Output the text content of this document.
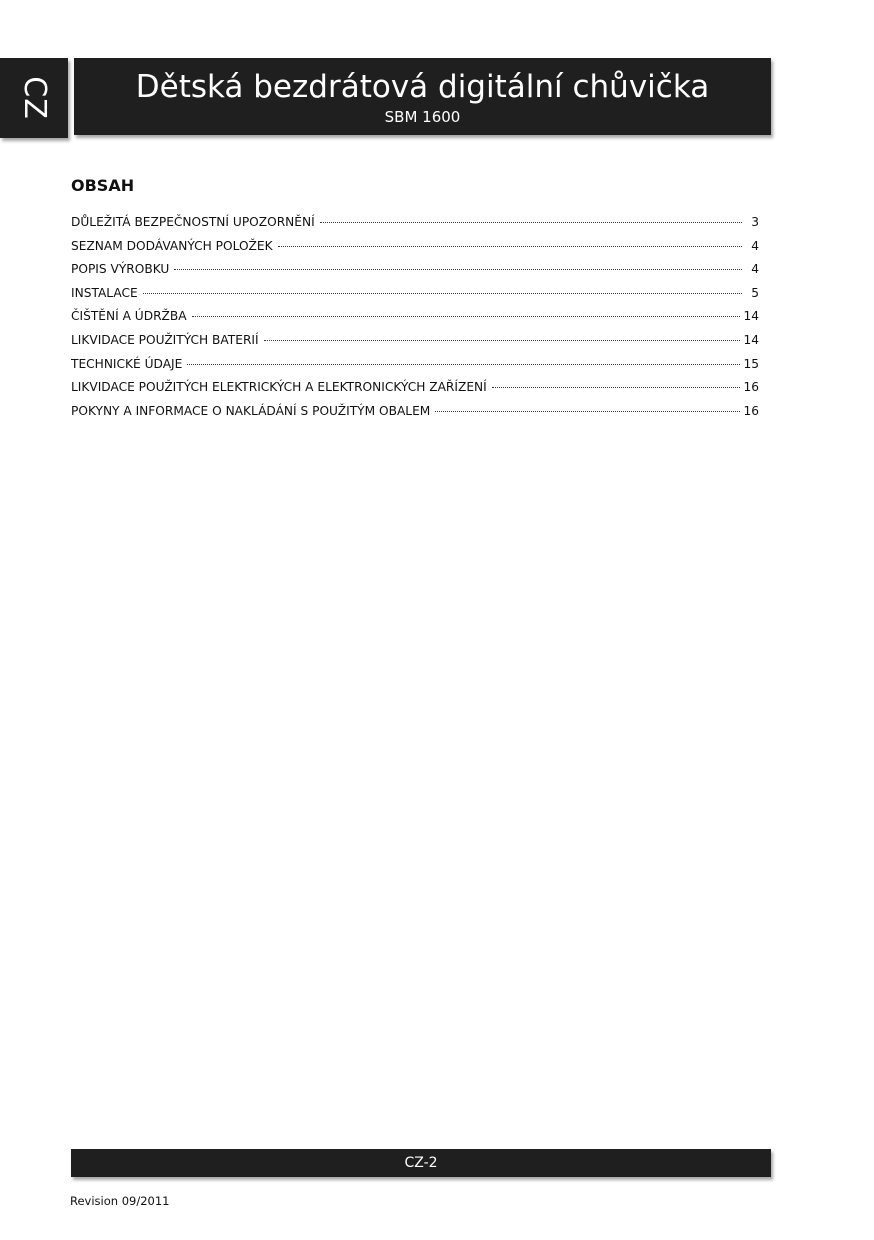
CZ	Dětská bezdrátová digitální chůvička
SBM 1600
OBSAH
DŮLEŽITÁ BEZPEČNOSTNÍ UPOZORNĚNÍ	3
SEZNAM DODÁVANÝCH POLOŽEK	4
POPIS VÝROBKU	4
INSTALACE	5
ČIŠTĚNÍ A ÚDRŽBA	14
LIKVIDACE POUŽITÝCH BATERIÍ	14
TECHNICKÉ ÚDAJE	15
LIKVIDACE POUŽITÝCH ELEKTRICKÝCH A ELEKTRONICKÝCH ZAŘÍZENÍ	16
POKYNY A INFORMACE O NAKLÁDÁNÍ S POUŽITÝM OBALEM	16
CZ-2
Revision 09/2011
